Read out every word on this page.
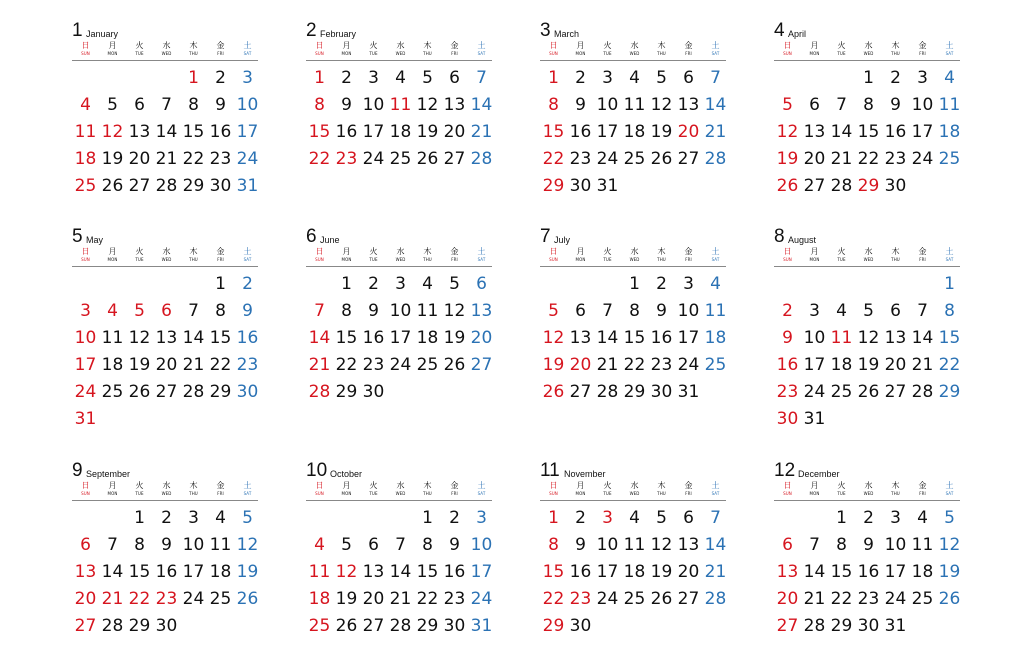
1 January
日
SUN
月
MON
火
TUE
水
WED
木
THU
金
FRI
土
SAT
1 2 3
4 5 6 7 8 9 10
11 12 13 14 15 16 17
18 19 20 21 22 23 24
25 26 27 28 29 30 31
2 February
日
SUN
月
MON
火
TUE
水
WED
木
THU
金
FRI
土
SAT
1 2 3 4 5 6 7
8 9 10 11 12 13 14
15 16 17 18 19 20 21
22 23 24 25 26 27 28
3 March
日
SUN
月
MON
火
TUE
水
WED
木
THU
金
FRI
土
SAT
1 2 3 4 5 6 7
8 9 10 11 12 13 14
15 16 17 18 19 20 21
22 23 24 25 26 27 28
29 30 31
4 April
日
SUN
月
MON
火
TUE
水
WED
木
THU
金
FRI
土
SAT
1 2 3 4
5 6 7 8 9 10 11
12 13 14 15 16 17 18
19 20 21 22 23 24 25
26 27 28 29 30
5 May
日
SUN
月
MON
火
TUE
水
WED
木
THU
金
FRI
土
SAT
1 2
3 4 5 6 7 8 9
10 11 12 13 14 15 16
17 18 19 20 21 22 23
24 25 26 27 28 29 30
31
6 June
日
SUN
月
MON
火
TUE
水
WED
木
THU
金
FRI
土
SAT
1 2 3 4 5 6
7 8 9 10 11 12 13
14 15 16 17 18 19 20
21 22 23 24 25 26 27
28 29 30
7 July
日
SUN
月
MON
火
TUE
水
WED
木
THU
金
FRI
土
SAT
1 2 3 4
5 6 7 8 9 10 11
12 13 14 15 16 17 18
19 20 21 22 23 24 25
26 27 28 29 30 31
8 August
日
SUN
月
MON
火
TUE
水
WED
木
THU
金
FRI
土
SAT
1
2 3 4 5 6 7 8
9 10 11 12 13 14 15
16 17 18 19 20 21 22
23 24 25 26 27 28 29
30 31
9 September
日
SUN
月
MON
火
TUE
水
WED
木
THU
金
FRI
土
SAT
1 2 3 4 5
6 7 8 9 10 11 12
13 14 15 16 17 18 19
20 21 22 23 24 25 26
27 28 29 30
10 October
日
SUN
月
MON
火
TUE
水
WED
木
THU
金
FRI
土
SAT
1 2 3
4 5 6 7 8 9 10
11 12 13 14 15 16 17
18 19 20 21 22 23 24
25 26 27 28 29 30 31
11 November
日
SUN
月
MON
火
TUE
水
WED
木
THU
金
FRI
土
SAT
1 2 3 4 5 6 7
8 9 10 11 12 13 14
15 16 17 18 19 20 21
22 23 24 25 26 27 28
29 30
12 December
日
SUN
月
MON
火
TUE
水
WED
木
THU
金
FRI
土
SAT
1 2 3 4 5
6 7 8 9 10 11 12
13 14 15 16 17 18 19
20 21 22 23 24 25 26
27 28 29 30 31
